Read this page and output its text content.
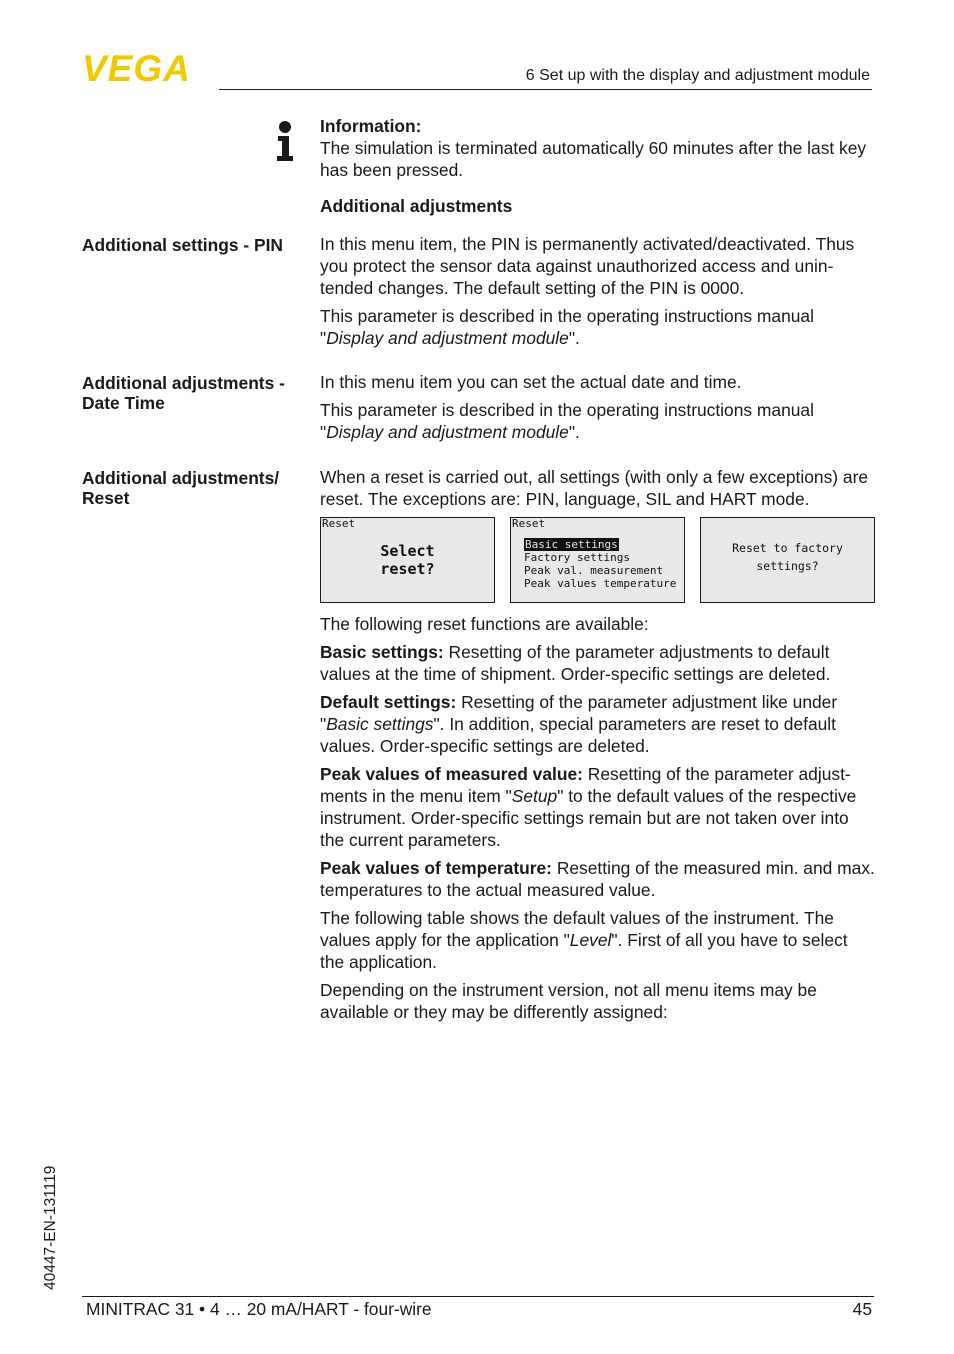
VEGA	6 Set up with the display and adjustment module
Information:
The simulation is terminated automatically 60 minutes after the last key has been pressed.
Additional adjustments
Additional settings - PIN	In this menu item, the PIN is permanently activated/deactivated. Thus you protect the sensor data against unauthorized access and unin-tended changes. The default setting of the PIN is 0000.

This parameter is described in the operating instructions manual "Display and adjustment module".

Additional adjustments -
Date Time

In this menu item you can set the actual date and time.

This parameter is described in the operating instructions manual "Display and adjustment module".

Additional adjustments/
Reset
When a reset is carried out, all settings (with only a few exceptions) are reset. The exceptions are: PIN, language, SIL and HART mode.
Reset
Select
reset?
Reset
Basic settings
Factory settings
Peak val. measurement
Peak values temperature
Reset to factory
settings?

The following reset functions are available:

Basic settings: Resetting of the parameter adjustments to default values at the time of shipment. Order-specific settings are deleted.

Default settings: Resetting of the parameter adjustment like under "Basic settings". In addition, special parameters are reset to default values. Order-specific settings are deleted.

Peak values of measured value: Resetting of the parameter adjust-ments in the menu item "Setup" to the default values of the respective instrument. Order-specific settings remain but are not taken over into the current parameters.

Peak values of temperature: Resetting of the measured min. and max. temperatures to the actual measured value.

The following table shows the default values of the instrument. The values apply for the application "Level". First of all you have to select the application.

Depending on the instrument version, not all menu items may be available or they may be differently assigned:

40447-EN-131119
MINITRAC 31 • 4 … 20 mA/HART - four-wire	45
